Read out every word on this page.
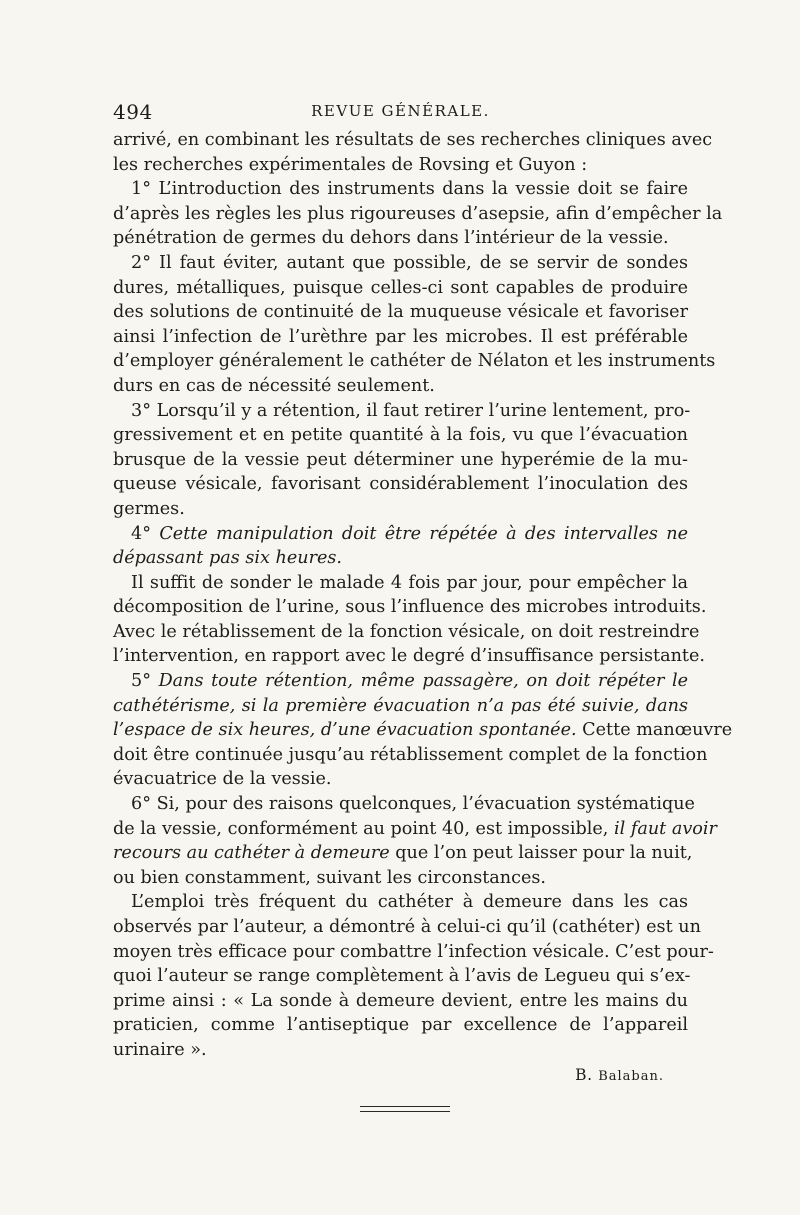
494	REVUE GÉNÉRALE.
arrivé, en combinant les résultats de ses recherches cliniques avec
les recherches expérimentales de Rovsing et Guyon :
1° L’introduction des instruments dans la vessie doit se faire
d’après les règles les plus rigoureuses d’asepsie, afin d’empêcher la
pénétration de germes du dehors dans l’intérieur de la vessie.
2° Il faut éviter, autant que possible, de se servir de sondes
dures, métalliques, puisque celles-ci sont capables de produire
des solutions de continuité de la muqueuse vésicale et favoriser
ainsi l’infection de l’urèthre par les microbes. Il est préférable
d’employer généralement le cathéter de Nélaton et les instruments
durs en cas de nécessité seulement.
3° Lorsqu’il y a rétention, il faut retirer l’urine lentement, pro-
gressivement et en petite quantité à la fois, vu que l’évacuation
brusque de la vessie peut déterminer une hyperémie de la mu-
queuse vésicale, favorisant considérablement l’inoculation des
germes.
4° Cette manipulation doit être répétée à des intervalles ne
dépassant pas six heures.
Il suffit de sonder le malade 4 fois par jour, pour empêcher la
décomposition de l’urine, sous l’influence des microbes introduits.
Avec le rétablissement de la fonction vésicale, on doit restreindre
l’intervention, en rapport avec le degré d’insuffisance persistante.
5° Dans toute rétention, même passagère, on doit répéter le
cathétérisme, si la première évacuation n’a pas été suivie, dans
l’espace de six heures, d’une évacuation spontanée. Cette manœuvre
doit être continuée jusqu’au rétablissement complet de la fonction
évacuatrice de la vessie.
6° Si, pour des raisons quelconques, l’évacuation systématique
de la vessie, conformément au point 40, est impossible, il faut avoir
recours au cathéter à demeure que l’on peut laisser pour la nuit,
ou bien constamment, suivant les circonstances.
L’emploi très fréquent du cathéter à demeure dans les cas
observés par l’auteur, a démontré à celui-ci qu’il (cathéter) est un
moyen très efficace pour combattre l’infection vésicale. C’est pour-
quoi l’auteur se range complètement à l’avis de Legueu qui s’ex-
prime ainsi : « La sonde à demeure devient, entre les mains du
praticien, comme l’antiseptique par excellence de l’appareil
urinaire ».
B. Balaban.
